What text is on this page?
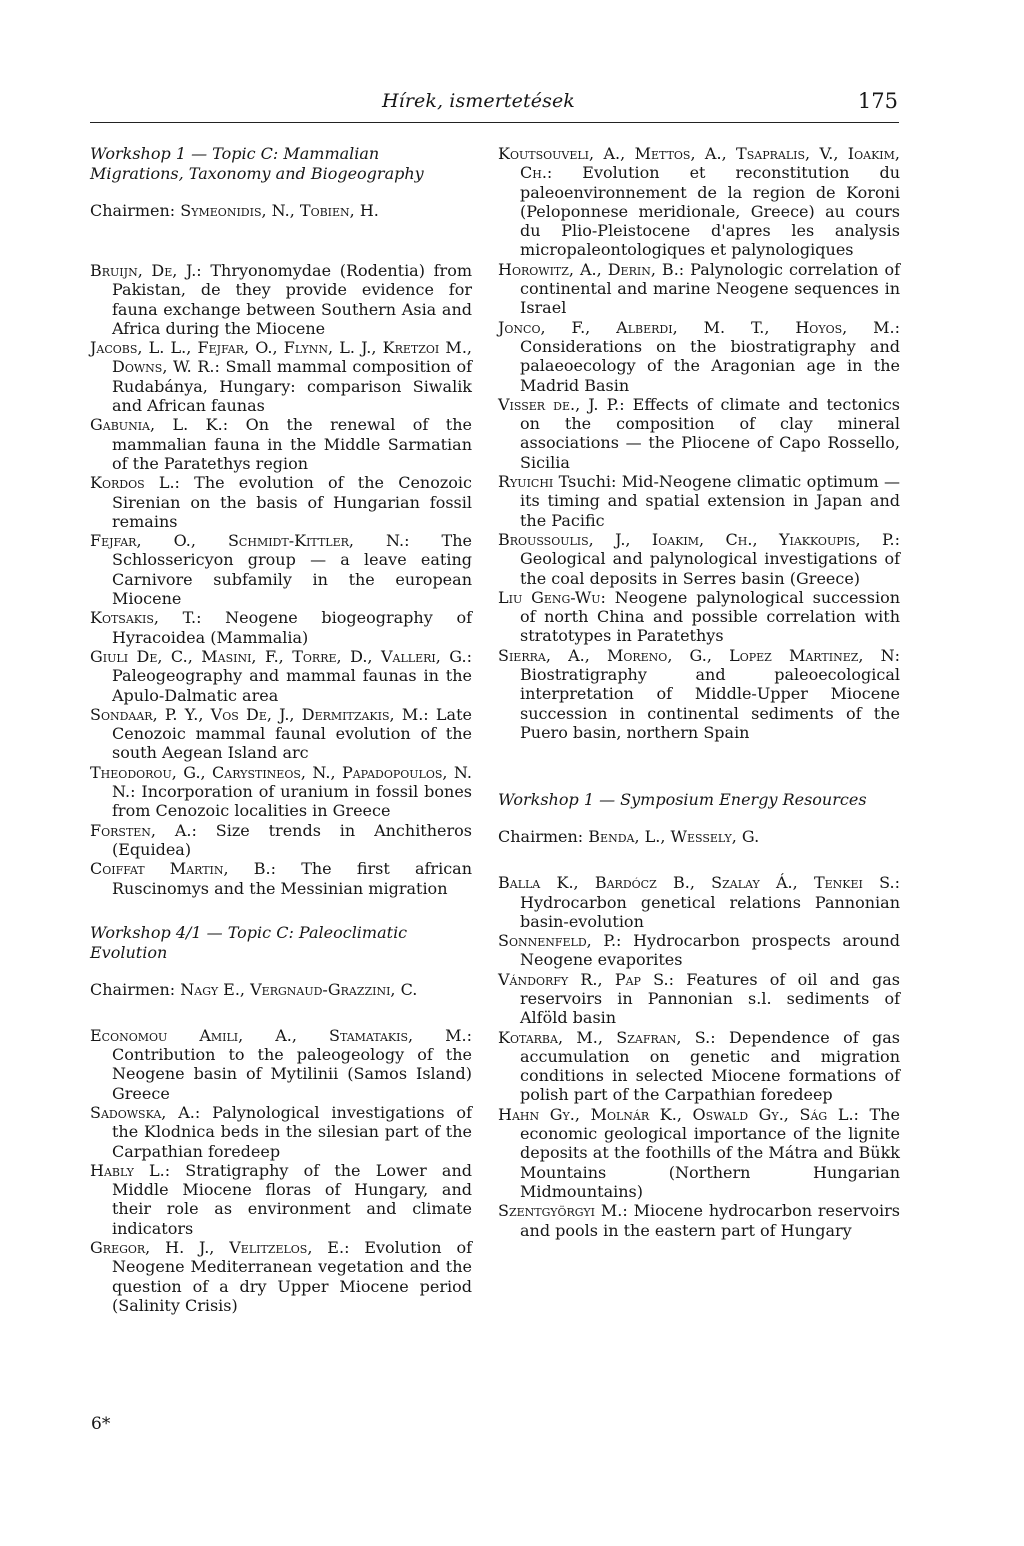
Hírek, ismertetések	175

Workshop 1 — Topic C: Mammalian Migrations, Taxonomy and Biogeography

Chairmen: Symeonidis, N., Tobien, H.

Bruijn, De, J.: Thryonomydae (Rodentia) from Pakistan, de they provide evidence for fauna exchange between Southern Asia and Africa during the Miocene
Jacobs, L. L., Fejfar, O., Flynn, L. J., Kretzoi M., Downs, W. R.: Small mammal composition of Rudabánya, Hungary: comparison Siwalik and African faunas
Gabunia, L. K.: On the renewal of the mammalian fauna in the Middle Sarmatian of the Paratethys region
Kordos L.: The evolution of the Cenozoic Sirenian on the basis of Hungarian fossil remains
Fejfar, O., Schmidt-Kittler, N.: The Schlossericyon group — a leave eating Carnivore subfamily in the european Miocene
Kotsakis, T.: Neogene biogeography of Hyracoidea (Mammalia)
Giuli De, C., Masini, F., Torre, D., Valleri, G.: Paleogeography and mammal faunas in the Apulo-Dalmatic area
Sondaar, P. Y., Vos De, J., Dermitzakis, M.: Late Cenozoic mammal faunal evolution of the south Aegean Island arc
Theodorou, G., Carystineos, N., Papadopoulos, N. N.: Incorporation of uranium in fossil bones from Cenozoic localities in Greece
Forsten, A.: Size trends in Anchitheros (Equidea)
Coiffat Martin, B.: The first african Ruscinomys and the Messinian migration

Workshop 4/1 — Topic C: Paleoclimatic Evolution

Chairmen: Nagy E., Vergnaud-Grazzini, C.

Economou Amili, A., Stamatakis, M.: Contribution to the paleogeology of the Neogene basin of Mytilinii (Samos Island) Greece
Sadowska, A.: Palynological investigations of the Klodnica beds in the silesian part of the Carpathian foredeep
Hably L.: Stratigraphy of the Lower and Middle Miocene floras of Hungary, and their role as environment and climate indicators
Gregor, H. J., Velitzelos, E.: Evolution of Neogene Mediterranean vegetation and the question of a dry Upper Miocene period (Salinity Crisis)
Koutsouveli, A., Mettos, A., Tsapralis, V., Ioakim, Ch.: Evolution et reconstitution du paleoenvironnement de la region de Koroni (Peloponnese meridionale, Greece) au cours du Plio-Pleistocene d'apres les analysis micropaleontologiques et palynologiques
Horowitz, A., Derin, B.: Palynologic correlation of continental and marine Neogene sequences in Israel
Jonco, F., Alberdi, M. T., Hoyos, M.: Considerations on the biostratigraphy and palaeoecology of the Aragonian age in the Madrid Basin
Visser de., J. P.: Effects of climate and tectonics on the composition of clay mineral associations — the Pliocene of Capo Rossello, Sicilia
Ryuichi Tsuchi: Mid-Neogene climatic optimum — its timing and spatial extension in Japan and the Pacific
Broussoulis, J., Ioakim, Ch., Yiakkoupis, P.: Geological and palynological investigations of the coal deposits in Serres basin (Greece)
Liu Geng-Wu: Neogene palynological succession of north China and possible correlation with stratotypes in Paratethys
Sierra, A., Moreno, G., Lopez Martinez, N: Biostratigraphy and paleoecological interpretation of Middle-Upper Miocene succession in continental sediments of the Puero basin, northern Spain

Workshop 1 — Symposium Energy Resources

Chairmen: Benda, L., Wessely, G.

Balla K., Bardócz B., Szalay Á., Tenkei S.: Hydrocarbon genetical relations Pannonian basin-evolution
Sonnenfeld, P.: Hydrocarbon prospects around Neogene evaporites
Vándorfy R., Pap S.: Features of oil and gas reservoirs in Pannonian s.l. sediments of Alföld basin
Kotarba, M., Szafran, S.: Dependence of gas accumulation on genetic and migration conditions in selected Miocene formations of polish part of the Carpathian foredeep
Hahn Gy., Molnár K., Oswald Gy., Ság L.: The economic geological importance of the lignite deposits at the foothills of the Mátra and Bükk Mountains (Northern Hungarian Midmountains)
Szentgyörgyi M.: Miocene hydrocarbon reservoirs and pools in the eastern part of Hungary
6*
